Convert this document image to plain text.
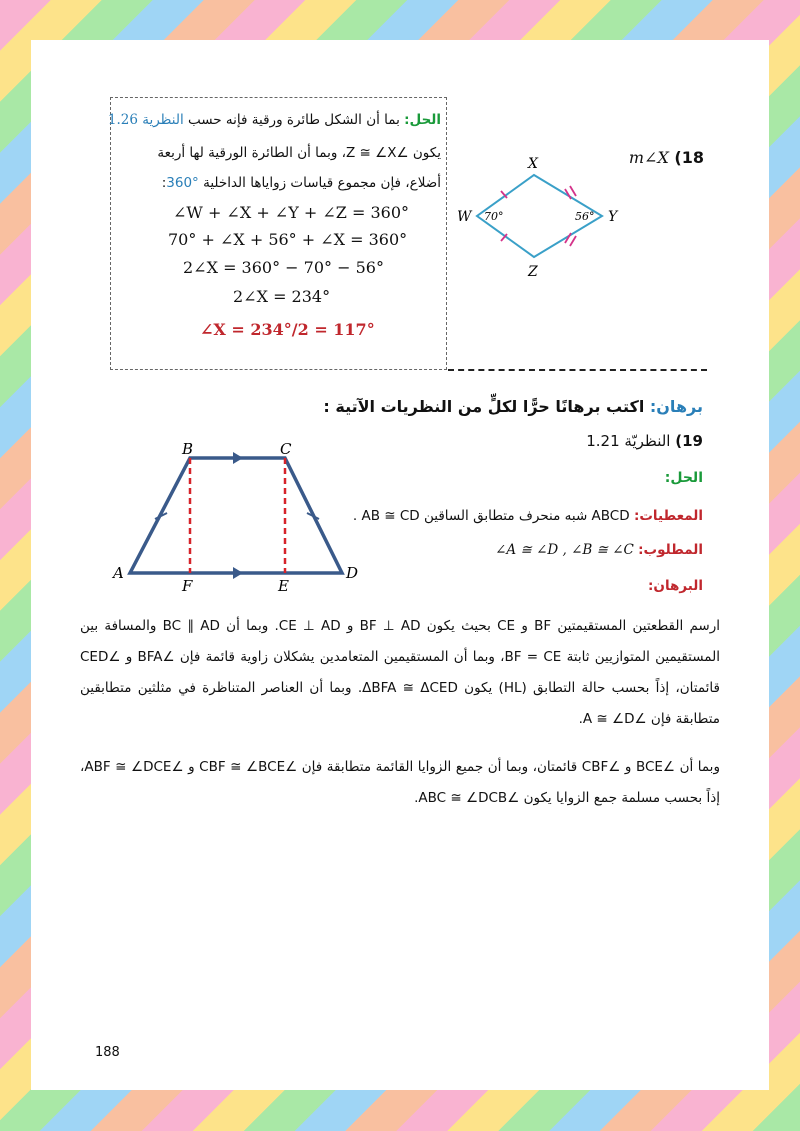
18) m∠X
X
Y
Z
W 70°	56°
الحل: بما أن الشكل طائرة ورقية فإنه حسب النظرية 1.26
يكون ∠Z ≅ ∠X، وبما أن الطائرة الورقية لها أربعة
أضلاع، فإن مجموع قياسات زواياها الداخلية 360°:
∠W + ∠X + ∠Y + ∠Z = 360°
70° + ∠X + 56° + ∠X = 360°
2∠X = 360° − 70° − 56°
2∠X = 234°
∠X = 234°/2 = 117°
برهان: اكتب برهانًا حرًّا لكلٍّ من النظريات الآتية :
19) النظريّة 1.21
B	C
A	D
F	E
الحل:
المعطيات: ABCD شبه منحرف متطابق الساقين AB ≅ CD .
المطلوب: ∠A ≅ ∠D , ∠B ≅ ∠C
البرهان:
ارسم القطعتين المستقيمتين BF و CE بحيث يكون BF ⊥ AD و CE ⊥ AD. وبما أن BC ∥ AD والمسافة بين المستقيمين المتوازيين ثابتة BF = CE، وبما أن المستقيمين المتعامدين يشكلان زاوية قائمة فإن ∠BFA و ∠CED قائمتان، إذاً بحسب حالة التطابق (HL) يكون ΔBFA ≅ ΔCED. وبما أن العناصر المتناظرة في مثلثين متطابقين متطابقة فإن ∠A ≅ ∠D.
وبما أن ∠BCE و ∠CBF قائمتان، وبما أن جميع الزوايا القائمة متطابقة فإن ∠CBF ≅ ∠BCE و ∠ABF ≅ ∠DCE، إذاً بحسب مسلمة جمع الزوايا يكون ∠ABC ≅ ∠DCB.
188
